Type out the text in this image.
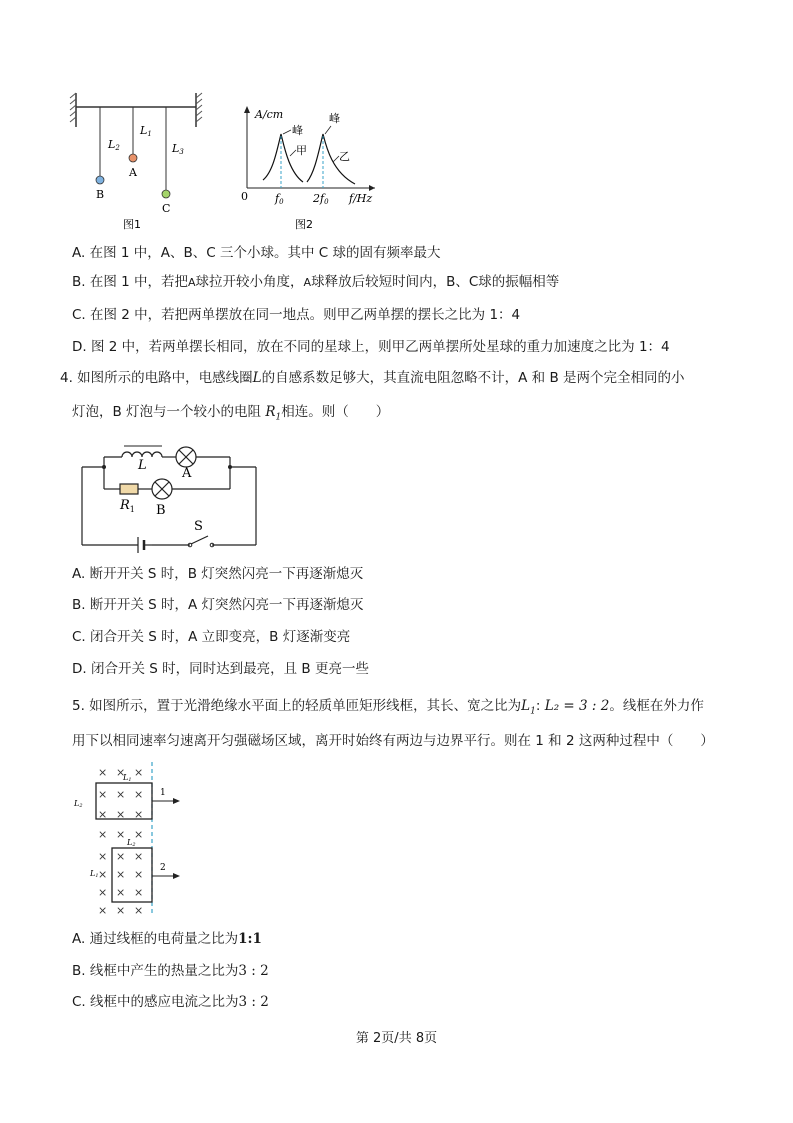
L2
L1
L3
A
B
C
图1
A/cm
峰
峰
甲	乙
0 f0	2f0 f/Hz
图2
A. 在图 1 中，A、B、C 三个小球。其中 C 球的固有频率最大
B. 在图 1 中，若把A球拉开较小角度，A球释放后较短时间内，B、C球的振幅相等
C. 在图 2 中，若把两单摆放在同一地点。则甲乙两单摆的摆长之比为 1：4
D. 图 2 中，若两单摆长相同，放在不同的星球上，则甲乙两单摆所处星球的重力加速度之比为 1：4
4. 如图所示的电路中，电感线圈L的自感系数足够大，其直流电阻忽略不计，A 和 B 是两个完全相同的小
灯泡，B 灯泡与一个较小的电阻 $R_1$相连。则（　　）
L
A
$R_1$ B
S
A. 断开开关 S 时，B 灯突然闪亮一下再逐渐熄灭
B. 断开开关 S 时，A 灯突然闪亮一下再逐渐熄灭
C. 闭合开关 S 时，A 立即变亮，B 灯逐渐变亮
D. 闭合开关 S 时，同时达到最亮，且 B 更亮一些
5. 如图所示，置于光滑绝缘水平面上的轻质单匝矩形线框，其长、宽之比为$L_1$: L₂ = 3 : 2。线框在外力作
用下以相同速率匀速离开匀强磁场区域，离开时始终有两边与边界平行。则在 1 和 2 这两种过程中（　　）
× × ×
× × ×
× × ×
× × ×
× × ×
× × ×
× × ×
× × ×
L1
L2
1
L2
L1
2
A. 通过线框的电荷量之比为1:1
B. 线框中产生的热量之比为3 : 2
C. 线框中的感应电流之比为3 : 2
第 2页/共 8页
